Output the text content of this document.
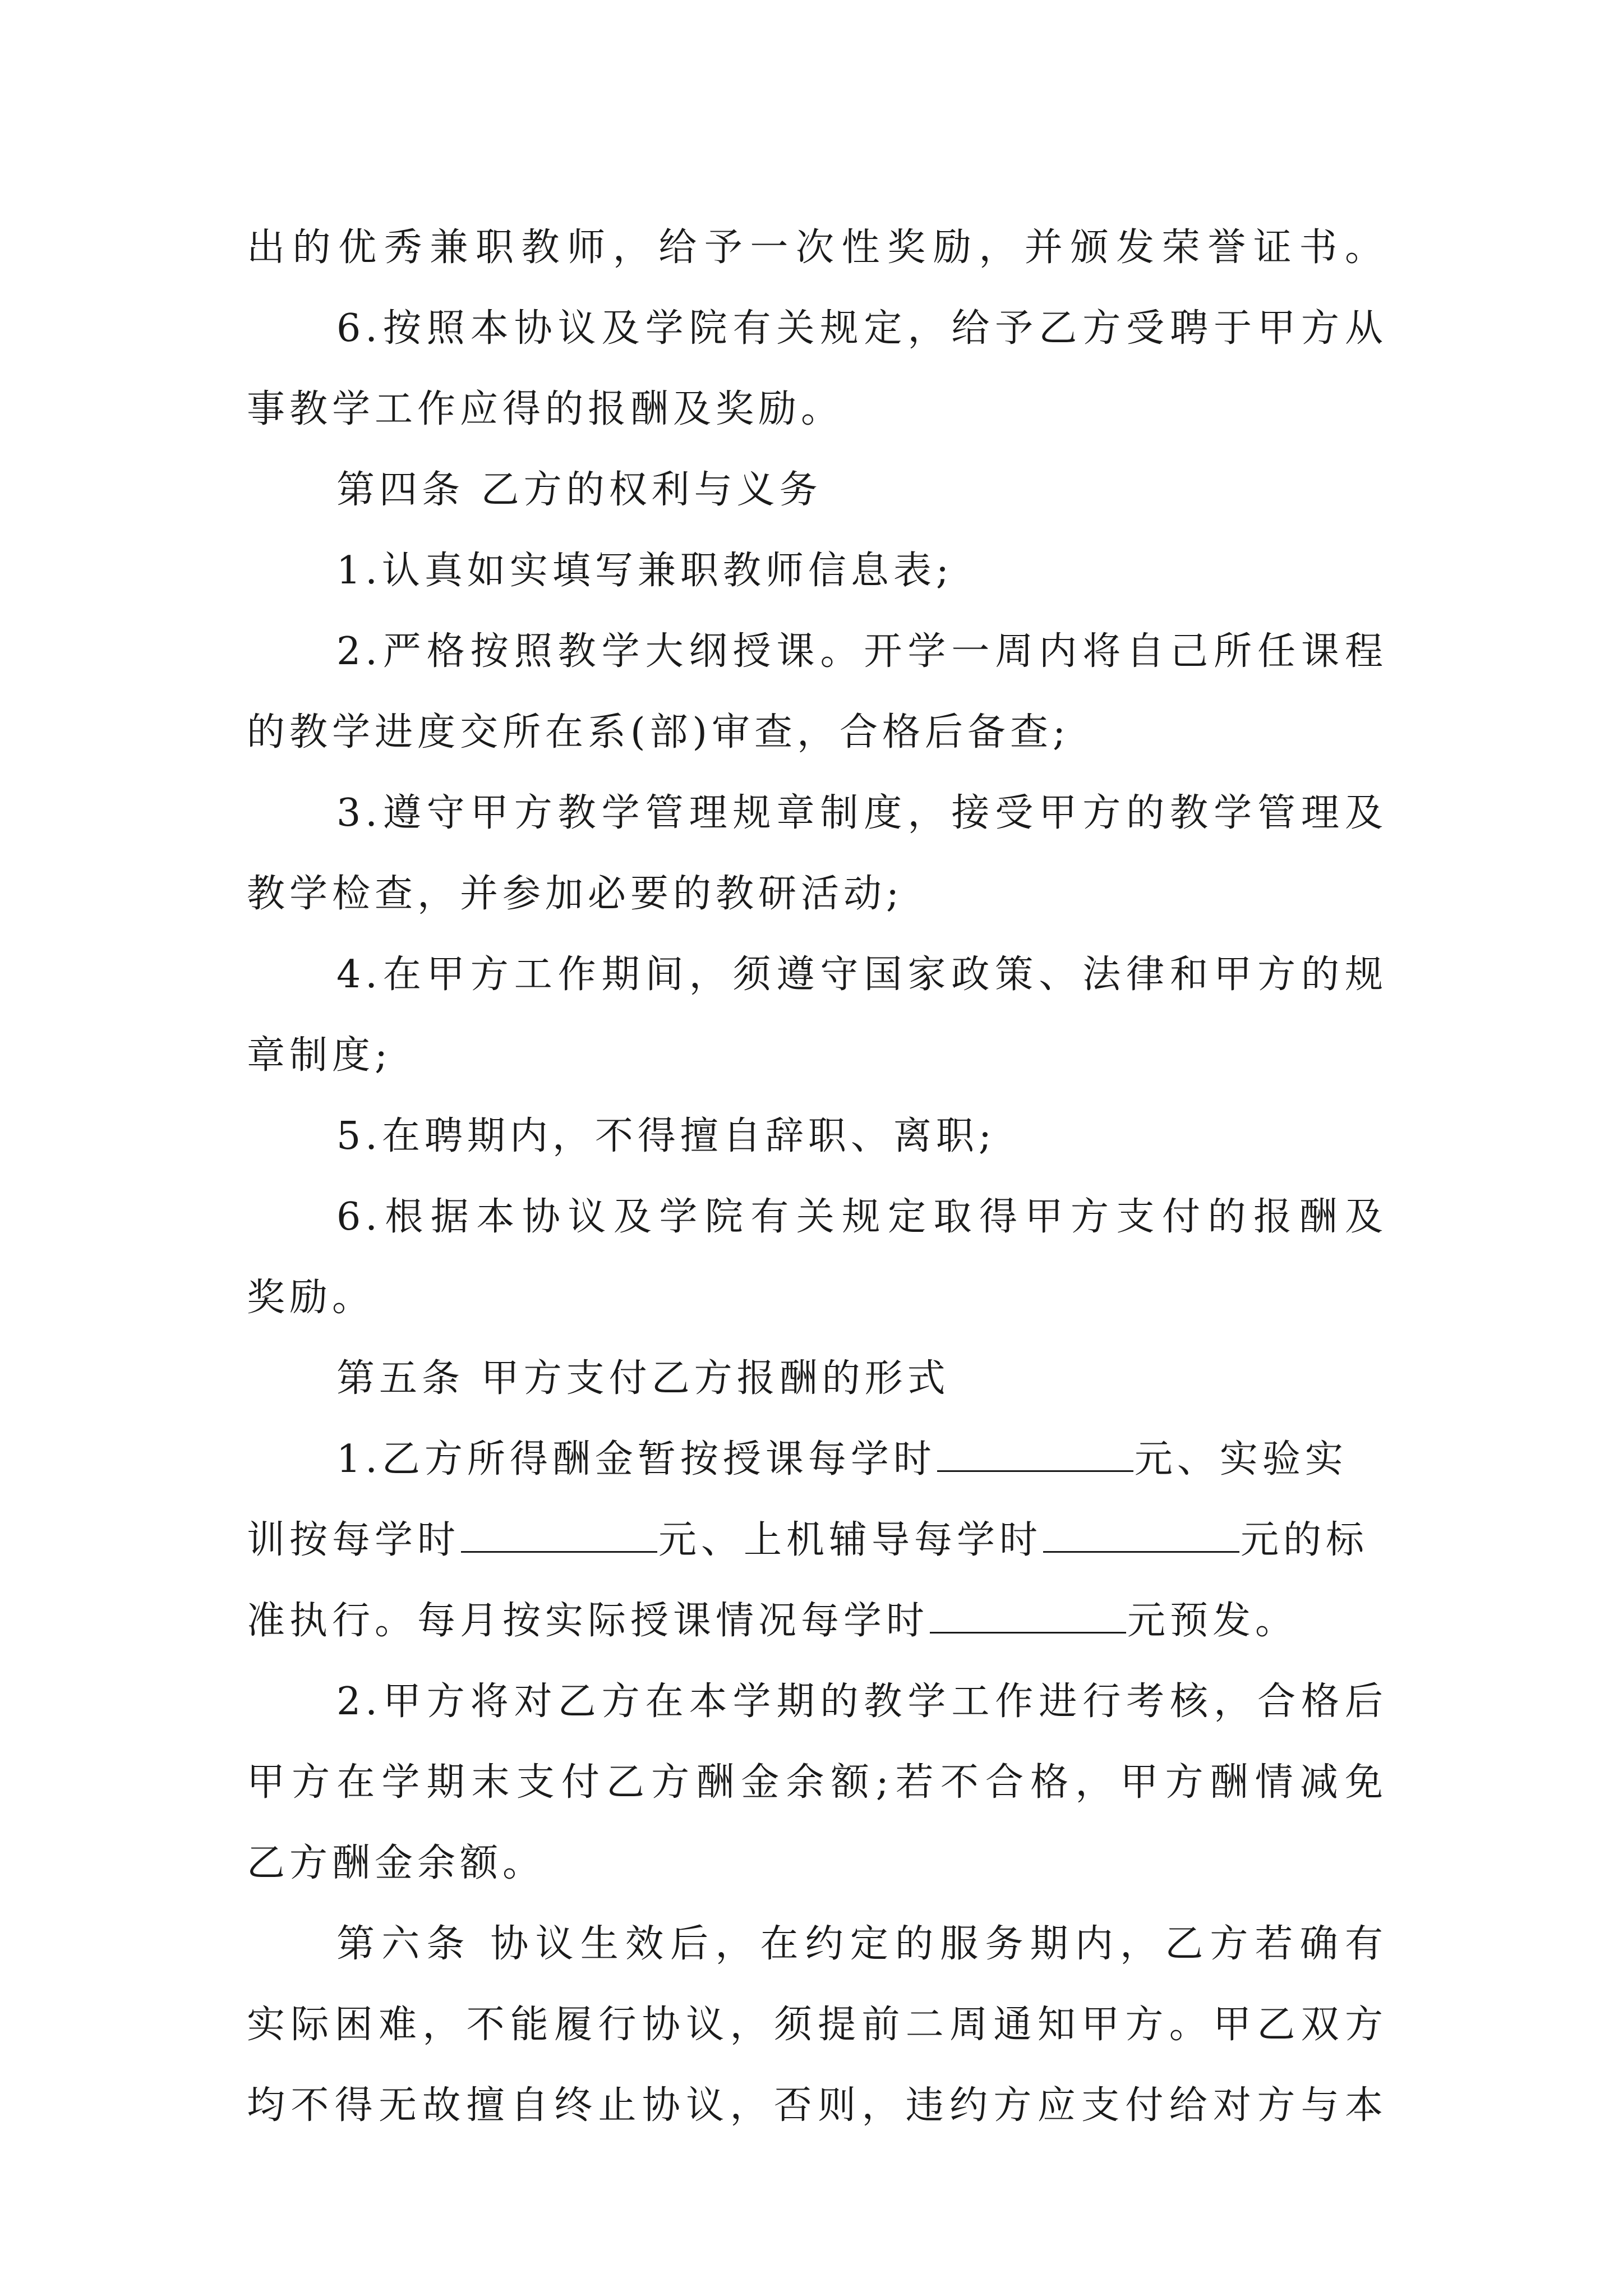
出的优秀兼职教师，给予一次性奖励，并颁发荣誉证书。
6.按照本协议及学院有关规定，给予乙方受聘于甲方从
事教学工作应得的报酬及奖励。
第四条 乙方的权利与义务
1.认真如实填写兼职教师信息表;
2.严格按照教学大纲授课。开学一周内将自己所任课程
的教学进度交所在系(部)审查，合格后备查;
3.遵守甲方教学管理规章制度，接受甲方的教学管理及
教学检查，并参加必要的教研活动;
4.在甲方工作期间，须遵守国家政策、法律和甲方的规
章制度;
5.在聘期内，不得擅自辞职、离职;
6.根据本协议及学院有关规定取得甲方支付的报酬及
奖励。
第五条 甲方支付乙方报酬的形式
1.乙方所得酬金暂按授课每学时	元、实验实
训按每学时	元、上机辅导每学时	元的标
准执行。每月按实际授课情况每学时	元预发。
2.甲方将对乙方在本学期的教学工作进行考核，合格后
甲方在学期末支付乙方酬金余额;若不合格，甲方酬情减免
乙方酬金余额。
第六条 协议生效后，在约定的服务期内，乙方若确有
实际困难，不能履行协议，须提前二周通知甲方。甲乙双方
均不得无故擅自终止协议，否则，违约方应支付给对方与本
